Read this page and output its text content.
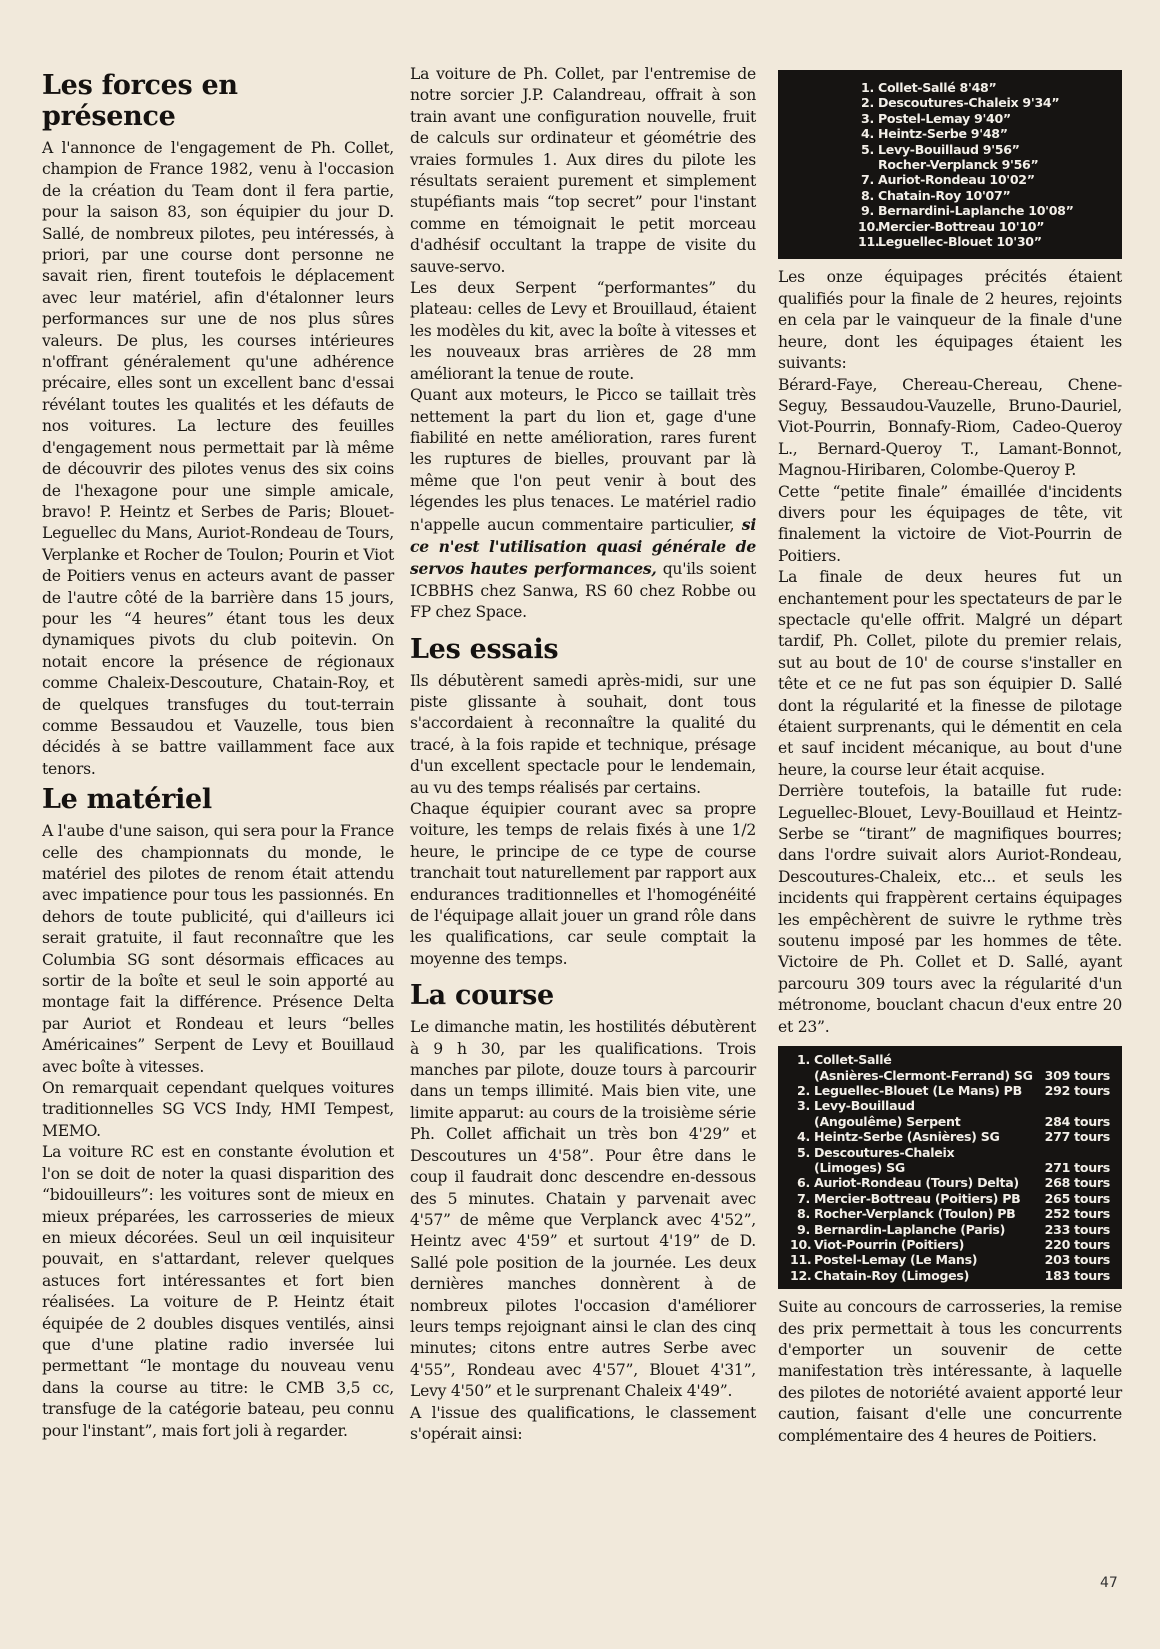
Les forces en présence

A l'annonce de l'engagement de Ph. Collet, champion de France 1982, venu à l'occasion de la création du Team dont il fera partie, pour la saison 83, son équipier du jour D. Sallé, de nombreux pilotes, peu intéressés, à priori, par une course dont personne ne savait rien, firent toutefois le déplacement avec leur matériel, afin d'étalonner leurs performances sur une de nos plus sûres valeurs. De plus, les courses intérieures n'offrant généralement qu'une adhérence précaire, elles sont un excellent banc d'essai révélant toutes les qualités et les défauts de nos voitures. La lecture des feuilles d'engagement nous permettait par là même de découvrir des pilotes venus des six coins de l'hexagone pour une simple amicale, bravo! P. Heintz et Serbes de Paris; Blouet-Leguellec du Mans, Auriot-Rondeau de Tours, Verplanke et Rocher de Toulon; Pourin et Viot de Poitiers venus en acteurs avant de passer de l'autre côté de la barrière dans 15 jours, pour les “4 heures” étant tous les deux dynamiques pivots du club poitevin. On notait encore la présence de régionaux comme Chaleix-Descouture, Chatain-Roy, et de quelques transfuges du tout-terrain comme Bessaudou et Vauzelle, tous bien décidés à se battre vaillamment face aux tenors.

Le matériel

A l'aube d'une saison, qui sera pour la France celle des championnats du monde, le matériel des pilotes de renom était attendu avec impatience pour tous les passionnés. En dehors de toute publicité, qui d'ailleurs ici serait gratuite, il faut reconnaître que les Columbia SG sont désormais efficaces au sortir de la boîte et seul le soin apporté au montage fait la différence. Présence Delta par Auriot et Rondeau et leurs “belles Américaines” Serpent de Levy et Bouillaud avec boîte à vitesses.

On remarquait cependant quelques voitures traditionnelles SG VCS Indy, HMI Tempest, MEMO.

La voiture RC est en constante évolution et l'on se doit de noter la quasi disparition des “bidouilleurs”: les voitures sont de mieux en mieux préparées, les carrosseries de mieux en mieux décorées. Seul un œil inquisiteur pouvait, en s'attardant, relever quelques astuces fort intéressantes et fort bien réalisées. La voiture de P. Heintz était équipée de 2 doubles disques ventilés, ainsi que d'une platine radio inversée lui permettant “le montage du nouveau venu dans la course au titre: le CMB 3,5 cc, transfuge de la catégorie bateau, peu connu pour l'instant”, mais fort joli à regarder.

La voiture de Ph. Collet, par l'entremise de notre sorcier J.P. Calandreau, offrait à son train avant une configuration nouvelle, fruit de calculs sur ordinateur et géométrie des vraies formules 1. Aux dires du pilote les résultats seraient purement et simplement stupéfiants mais “top secret” pour l'instant comme en témoignait le petit morceau d'adhésif occultant la trappe de visite du sauve-servo.

Les deux Serpent “performantes” du plateau: celles de Levy et Brouillaud, étaient les modèles du kit, avec la boîte à vitesses et les nouveaux bras arrières de 28 mm améliorant la tenue de route.

Quant aux moteurs, le Picco se taillait très nettement la part du lion et, gage d'une fiabilité en nette amélioration, rares furent les ruptures de bielles, prouvant par là même que l'on peut venir à bout des légendes les plus tenaces. Le matériel radio n'appelle aucun commentaire particulier, si ce n'est l'utilisation quasi générale de servos hautes performances, qu'ils soient ICBBHS chez Sanwa, RS 60 chez Robbe ou FP chez Space.

Les essais

Ils débutèrent samedi après-midi, sur une piste glissante à souhait, dont tous s'accordaient à reconnaître la qualité du tracé, à la fois rapide et technique, présage d'un excellent spectacle pour le lendemain, au vu des temps réalisés par certains.

Chaque équipier courant avec sa propre voiture, les temps de relais fixés à une 1/2 heure, le principe de ce type de course tranchait tout naturellement par rapport aux endurances traditionnelles et l'homogénéité de l'équipage allait jouer un grand rôle dans les qualifications, car seule comptait la moyenne des temps.

La course

Le dimanche matin, les hostilités débutèrent à 9 h 30, par les qualifications. Trois manches par pilote, douze tours à parcourir dans un temps illimité. Mais bien vite, une limite apparut: au cours de la troisième série Ph. Collet affichait un très bon 4'29” et Descoutures un 4'58”. Pour être dans le coup il faudrait donc descendre en-dessous des 5 minutes. Chatain y parvenait avec 4'57” de même que Verplanck avec 4'52”, Heintz avec 4'59” et surtout 4'19” de D. Sallé pole position de la journée. Les deux dernières manches donnèrent à de nombreux pilotes l'occasion d'améliorer leurs temps rejoignant ainsi le clan des cinq minutes; citons entre autres Serbe avec 4'55”, Rondeau avec 4'57”, Blouet 4'31”, Levy 4'50” et le surprenant Chaleix 4'49”.

A l'issue des qualifications, le classement s'opérait ainsi:

1. Collet-Sallé 8'48”
2. Descoutures-Chaleix 9'34”
3. Postel-Lemay 9'40”
4. Heintz-Serbe 9'48”
5. Levy-Bouillaud 9'56”
Rocher-Verplanck 9'56”
7. Auriot-Rondeau 10'02”
8. Chatain-Roy 10'07”
9. Bernardini-Laplanche 10'08”
10.Mercier-Bottreau 10'10”
11.Leguellec-Blouet 10'30”

Les onze équipages précités étaient qualifiés pour la finale de 2 heures, rejoints en cela par le vainqueur de la finale d'une heure, dont les équipages étaient les suivants:

Bérard-Faye, Chereau-Chereau, Chene-Seguy, Bessaudou-Vauzelle, Bruno-Dauriel, Viot-Pourrin, Bonnafy-Riom, Cadeo-Queroy L., Bernard-Queroy T., Lamant-Bonnot, Magnou-Hiribaren, Colombe-Queroy P.

Cette “petite finale” émaillée d'incidents divers pour les équipages de tête, vit finalement la victoire de Viot-Pourrin de Poitiers.

La finale de deux heures fut un enchantement pour les spectateurs de par le spectacle qu'elle offrit. Malgré un départ tardif, Ph. Collet, pilote du premier relais, sut au bout de 10' de course s'installer en tête et ce ne fut pas son équipier D. Sallé dont la régularité et la finesse de pilotage étaient surprenants, qui le démentit en cela et sauf incident mécanique, au bout d'une heure, la course leur était acquise.

Derrière toutefois, la bataille fut rude: Leguellec-Blouet, Levy-Bouillaud et Heintz-Serbe se “tirant” de magnifiques bourres; dans l'ordre suivait alors Auriot-Rondeau, Descoutures-Chaleix, etc... et seuls les incidents qui frappèrent certains équipages les empêchèrent de suivre le rythme très soutenu imposé par les hommes de tête. Victoire de Ph. Collet et D. Sallé, ayant parcouru 309 tours avec la régularité d'un métronome, bouclant chacun d'eux entre 20 et 23”.

1. Collet-Sallé
(Asnières-Clermont-Ferrand) SG 309 tours
2. Leguellec-Blouet (Le Mans) PB 292 tours
3. Levy-Bouillaud
(Angoulême) Serpent	284 tours
4. Heintz-Serbe (Asnières) SG	277 tours
5. Descoutures-Chaleix
(Limoges) SG	271 tours
6. Auriot-Rondeau (Tours) Delta) 268 tours
7. Mercier-Bottreau (Poitiers) PB 265 tours
8. Rocher-Verplanck (Toulon) PB 252 tours
9. Bernardin-Laplanche (Paris)	233 tours
10. Viot-Pourrin (Poitiers)	220 tours
11. Postel-Lemay (Le Mans)	203 tours
12. Chatain-Roy (Limoges)	183 tours

Suite au concours de carrosseries, la remise des prix permettait à tous les concurrents d'emporter un souvenir de cette manifestation très intéressante, à laquelle des pilotes de notoriété avaient apporté leur caution, faisant d'elle une concurrente complémentaire des 4 heures de Poitiers.

47
